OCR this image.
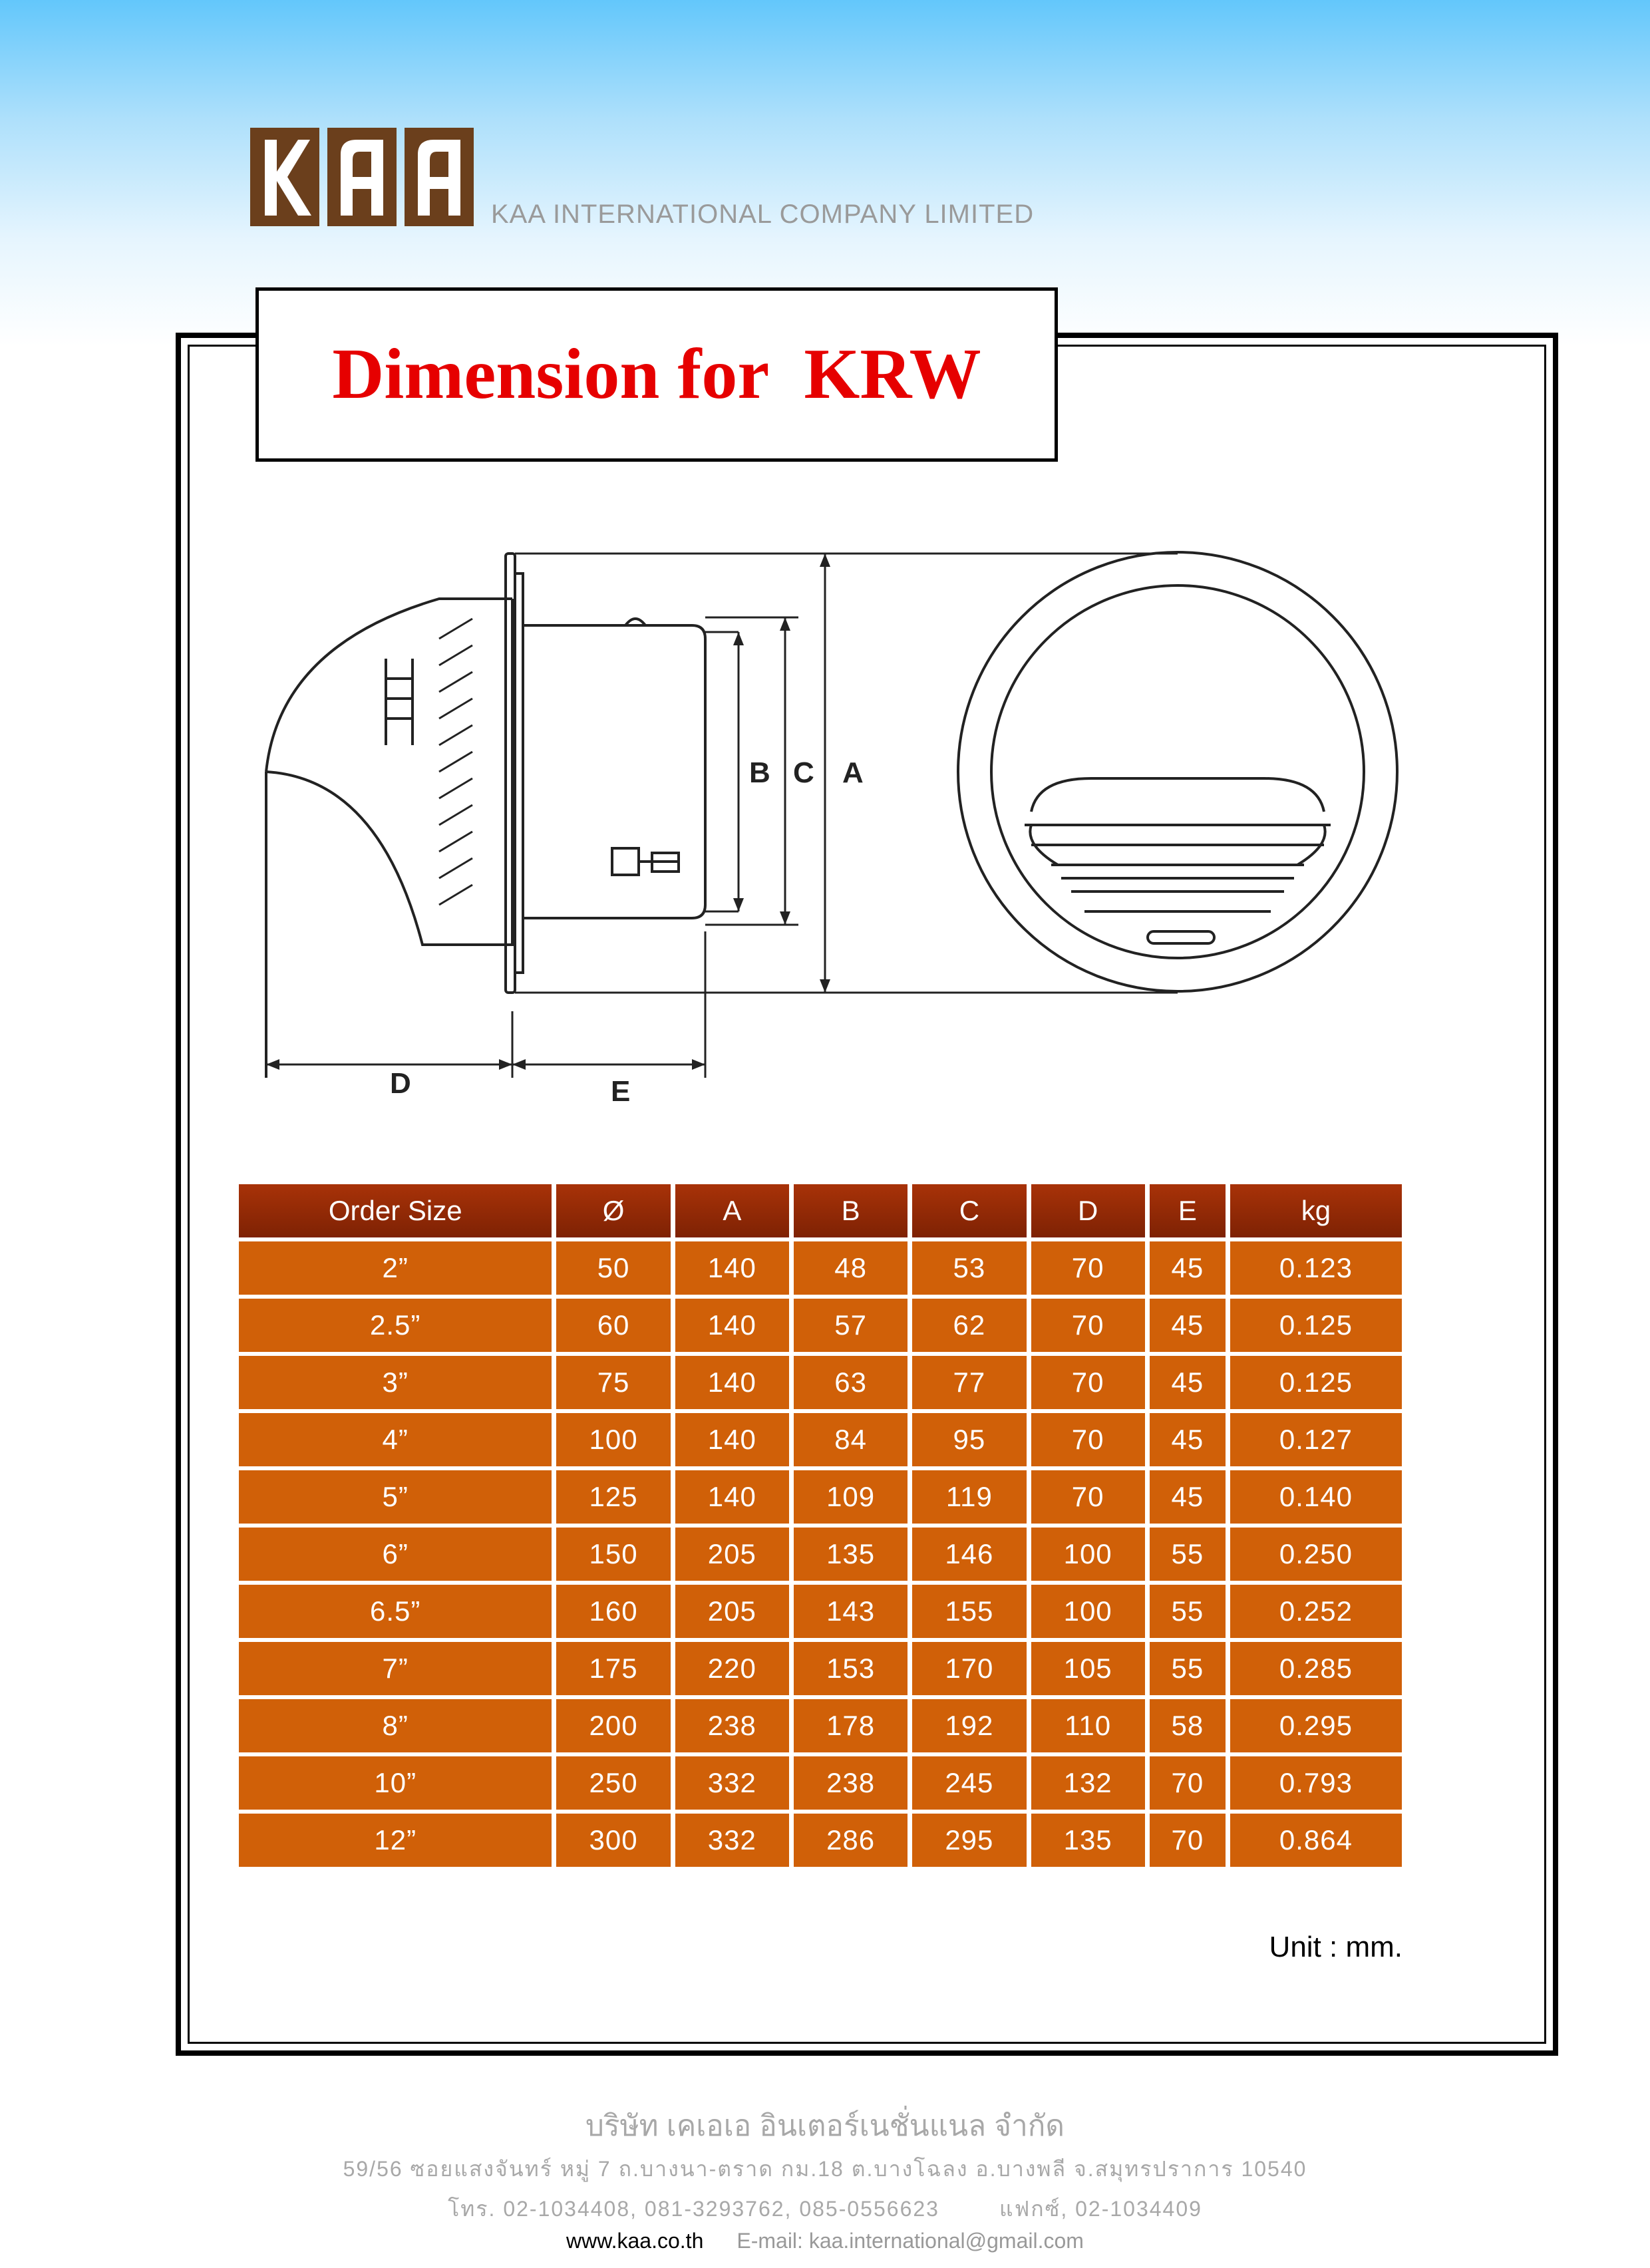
KAA INTERNATIONAL COMPANY LIMITED
Dimension for  KRW
B C A
D	E
Order Size	Ø	A	B	C	D	E	kg
2”	50	140	48	53	70	45	0.123
2.5”	60	140	57	62	70	45	0.125
3”	75	140	63	77	70	45	0.125
4”	100	140	84	95	70	45	0.127
5”	125	140	109	119	70	45	0.140
6”	150	205	135	146	100	55	0.250
6.5”	160	205	143	155	100	55	0.252
7”	175	220	153	170	105	55	0.285
8”	200	238	178	192	110	58	0.295
10”	250	332	238	245	132	70	0.793
12”	300	332	286	295	135	70	0.864
Unit : mm.
บริษัท เคเอเอ อินเตอร์เนชั่นแนล จำกัด
59/56 ซอยแสงจันทร์ หมู่ 7 ถ.บางนา-ตราด กม.18 ต.บางโฉลง อ.บางพลี จ.สมุทรปราการ 10540
โทร. 02-1034408, 081-3293762, 085-0556623	แฟกซ์, 02-1034409
www.kaa.co.th E-mail: kaa.international@gmail.com
